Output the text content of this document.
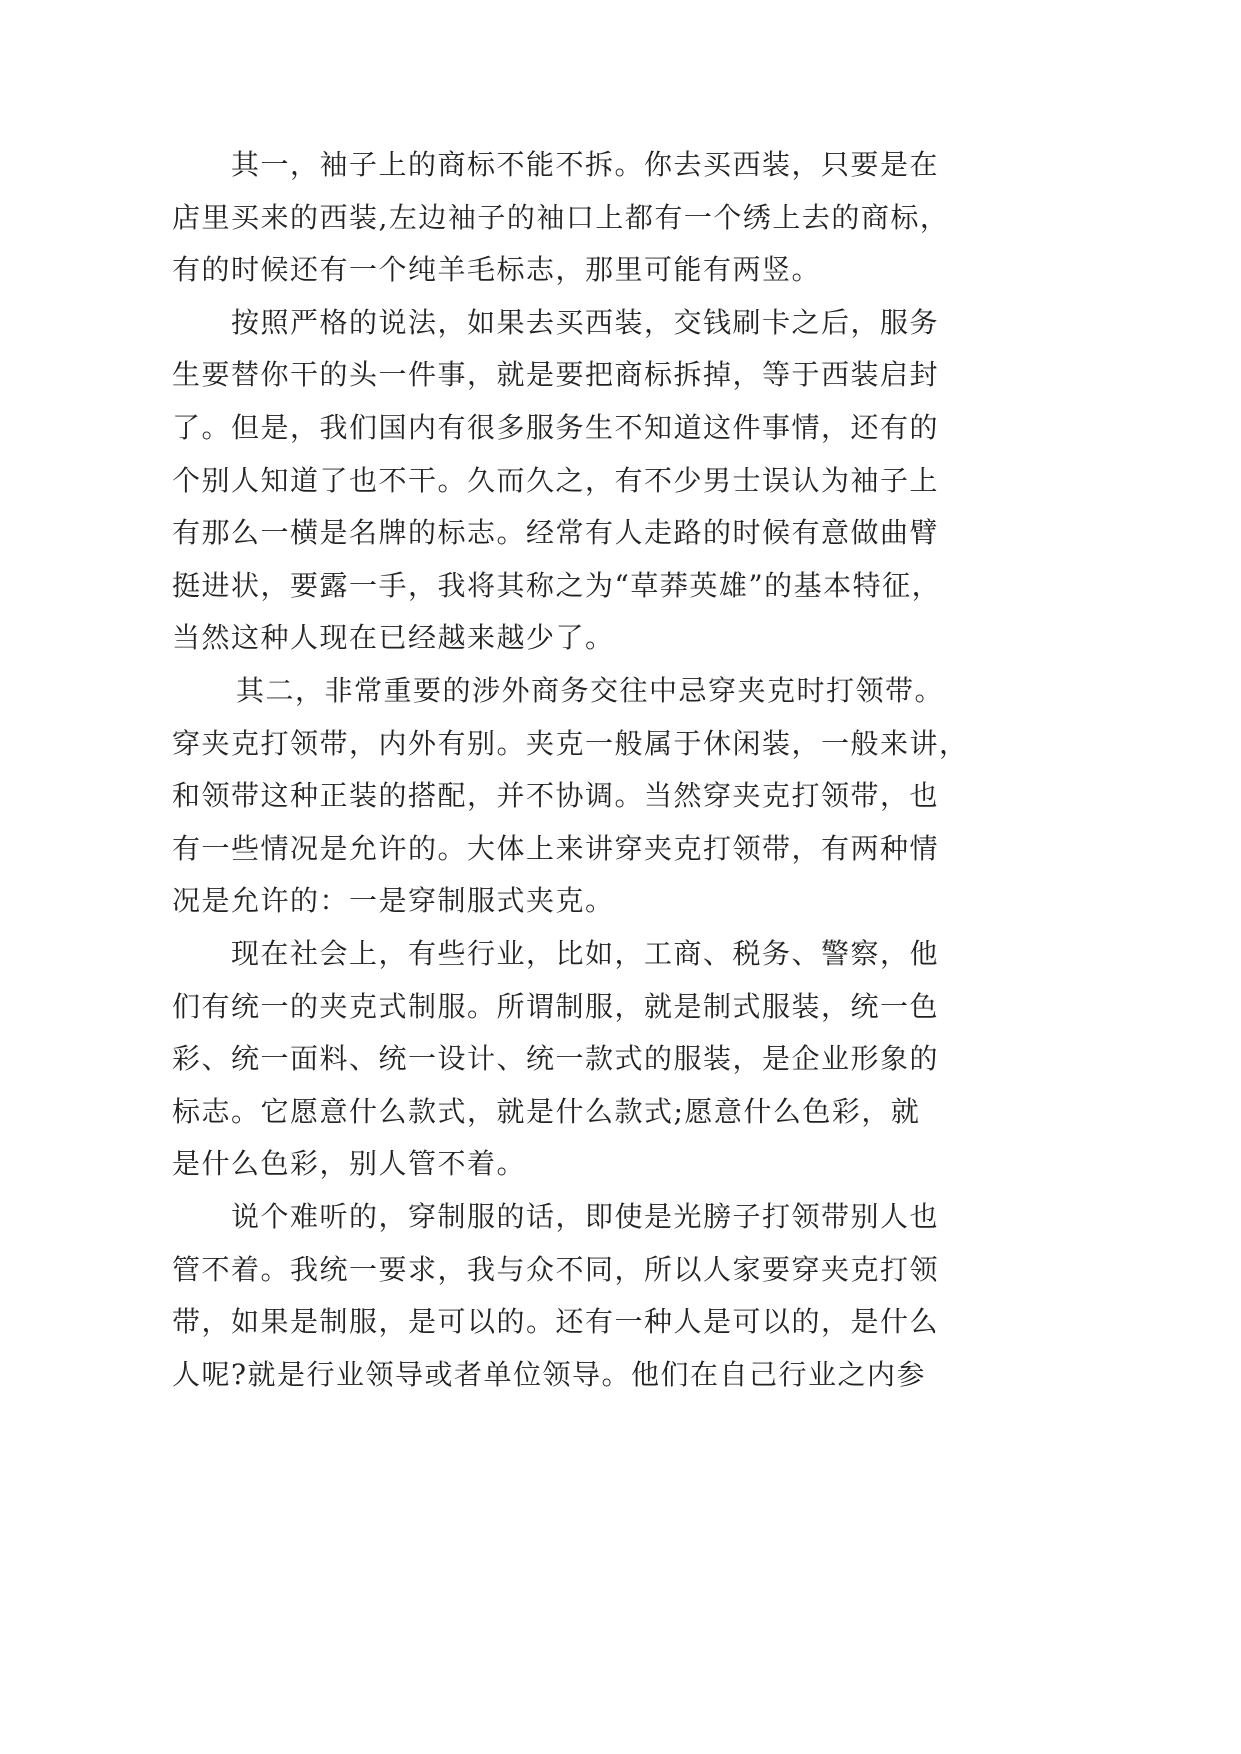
其一，袖子上的商标不能不拆。你去买西装，只要是在
店里买来的西装,左边袖子的袖口上都有一个绣上去的商标，
有的时候还有一个纯羊毛标志，那里可能有两竖。
按照严格的说法，如果去买西装，交钱刷卡之后，服务
生要替你干的头一件事，就是要把商标拆掉，等于西装启封
了。但是，我们国内有很多服务生不知道这件事情，还有的
个别人知道了也不干。久而久之，有不少男士误认为袖子上
有那么一横是名牌的标志。经常有人走路的时候有意做曲臂
挺进状，要露一手，我将其称之为“草莽英雄”的基本特征，
当然这种人现在已经越来越少了。
其二，非常重要的涉外商务交往中忌穿夹克时打领带。
穿夹克打领带，内外有别。夹克一般属于休闲装，一般来讲，
和领带这种正装的搭配，并不协调。当然穿夹克打领带，也
有一些情况是允许的。大体上来讲穿夹克打领带，有两种情
况是允许的：一是穿制服式夹克。
现在社会上，有些行业，比如，工商、税务、警察，他
们有统一的夹克式制服。所谓制服，就是制式服装，统一色
彩、统一面料、统一设计、统一款式的服装，是企业形象的
标志。它愿意什么款式，就是什么款式;愿意什么色彩，就
是什么色彩，别人管不着。
说个难听的，穿制服的话，即使是光膀子打领带别人也
管不着。我统一要求，我与众不同，所以人家要穿夹克打领
带，如果是制服，是可以的。还有一种人是可以的，是什么
人呢?就是行业领导或者单位领导。他们在自己行业之内参
